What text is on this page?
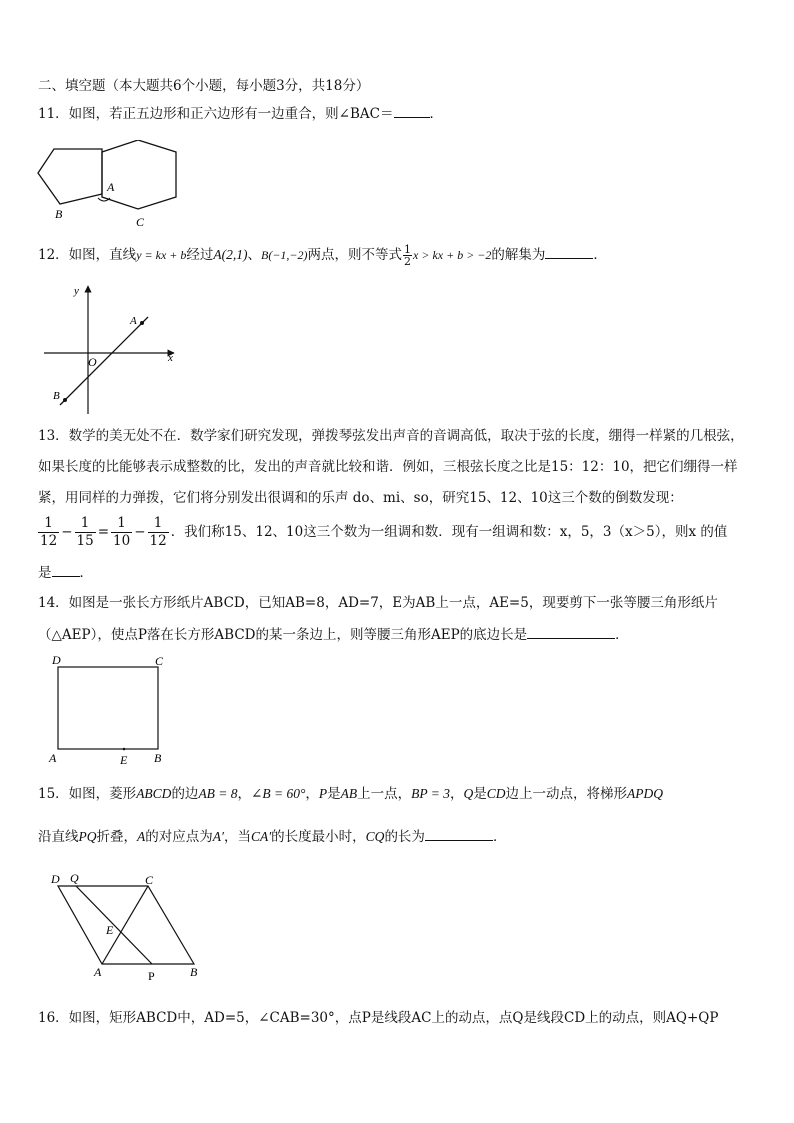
二、填空题（本大题共6个小题，每小题3分，共18分）
11．如图，若正五边形和正六边形有一边重合，则∠BAC＝	．
A
B
C
12．如图，直线y = kx + b经过A(2,1)、B(−1,−2)两点，则不等式 $\frac{1}{2}$ x > kx + b > −2的解集为	．
y
x
O
A
B
13．数学的美无处不在．数学家们研究发现，弹拨琴弦发出声音的音调高低，取决于弦的长度，绷得一样紧的几根弦，
如果长度的比能够表示成整数的比，发出的声音就比较和谐．例如，三根弦长度之比是15：12：10，把它们绷得一样
紧，用同样的力弹拨，它们将分别发出很调和的乐声 do、mi、so，研究15、12、10这三个数的倒数发现：
$\frac{1}{12} - \frac{1}{15} = \frac{1}{10} - \frac{1}{12}$ ．我们称15、12、10这三个数为一组调和数．现有一组调和数：x，5，3（x＞5），则x 的值
是 ．
14．如图是一张长方形纸片ABCD，已知AB=8，AD=7，E为AB上一点，AE=5，现要剪下一张等腰三角形纸片
（△AEP），使点P落在长方形ABCD的某一条边上，则等腰三角形AEP的底边长是	．
D	C
A	E B
15．如图，菱形ABCD的边AB = 8，∠B = 60°，P是AB上一点，BP = 3，Q是CD边上一动点，将梯形APDQ
沿直线PQ折叠，A的对应点为A′，当CA′的长度最小时，CQ的长为	．
D Q	C
E
A	P	B
16．如图，矩形ABCD中，AD=5，∠CAB=30°，点P是线段AC上的动点，点Q是线段CD上的动点，则AQ+QP
